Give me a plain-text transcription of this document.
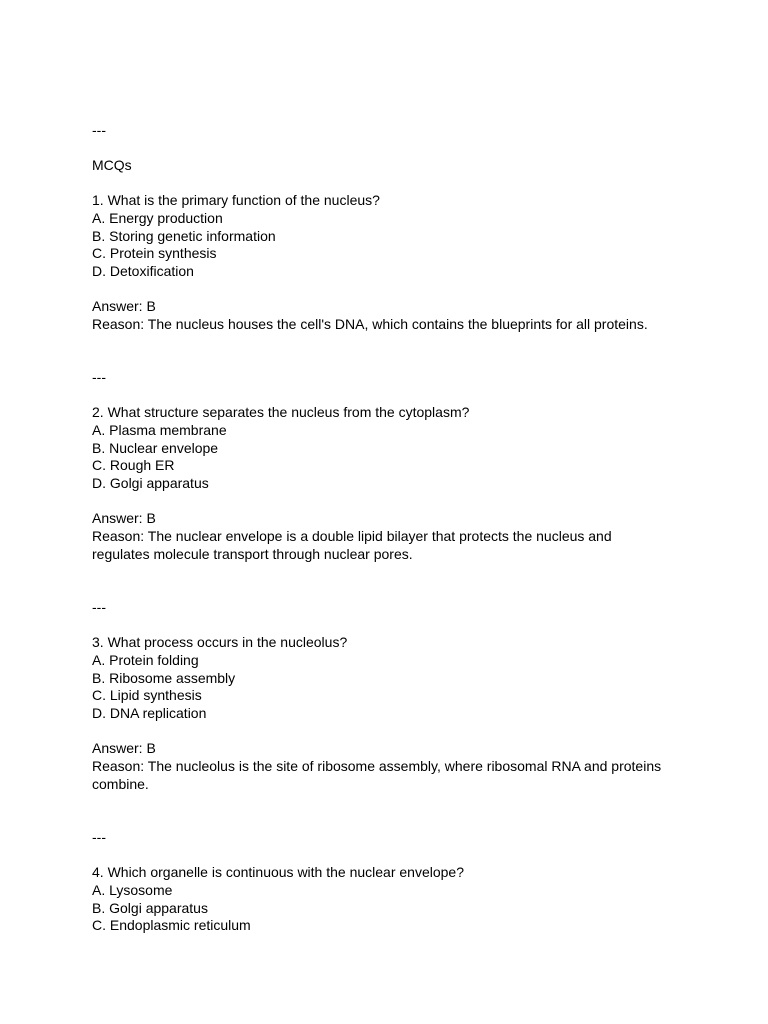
---
MCQs
1. What is the primary function of the nucleus?
A. Energy production
B. Storing genetic information
C. Protein synthesis
D. Detoxification
Answer: B
Reason: The nucleus houses the cell's DNA, which contains the blueprints for all proteins.
---
2. What structure separates the nucleus from the cytoplasm?
A. Plasma membrane
B. Nuclear envelope
C. Rough ER
D. Golgi apparatus
Answer: B
Reason: The nuclear envelope is a double lipid bilayer that protects the nucleus and
regulates molecule transport through nuclear pores.
---
3. What process occurs in the nucleolus?
A. Protein folding
B. Ribosome assembly
C. Lipid synthesis
D. DNA replication
Answer: B
Reason: The nucleolus is the site of ribosome assembly, where ribosomal RNA and proteins
combine.
---
4. Which organelle is continuous with the nuclear envelope?
A. Lysosome
B. Golgi apparatus
C. Endoplasmic reticulum
